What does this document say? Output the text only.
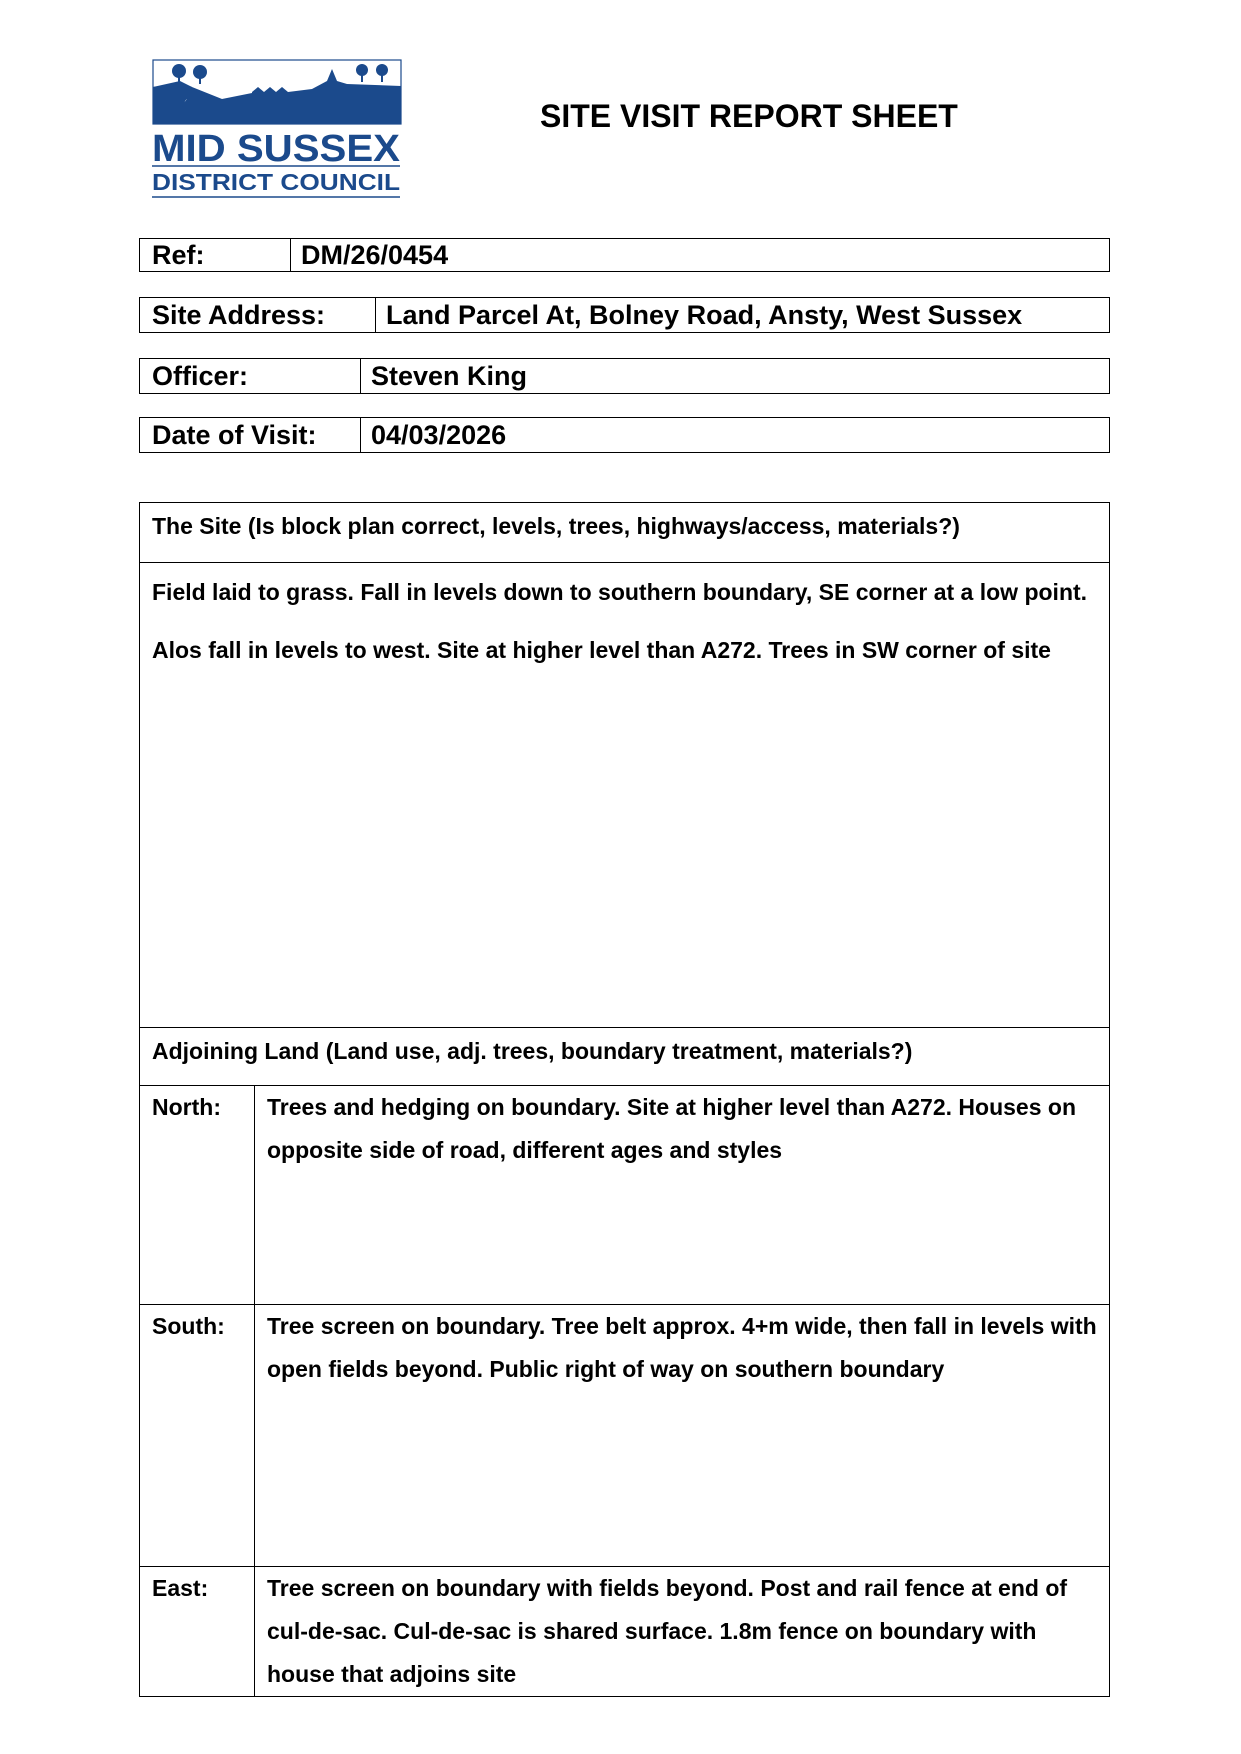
MID SUSSEX
DISTRICT COUNCIL
SITE VISIT REPORT SHEET
Ref:	DM/26/0454
Site Address:	Land Parcel At, Bolney Road, Ansty, West Sussex
Officer:	Steven King
Date of Visit:	04/03/2026
The Site (Is block plan correct, levels, trees, highways/access, materials?)
Field laid to grass. Fall in levels down to southern boundary, SE corner at a low point. Alos fall in levels to west. Site at higher level than A272. Trees in SW corner of site
Adjoining Land (Land use, adj. trees, boundary treatment, materials?)
North:	Trees and hedging on boundary. Site at higher level than A272. Houses on opposite side of road, different ages and styles
South:	Tree screen on boundary. Tree belt approx. 4+m wide, then fall in levels with open fields beyond. Public right of way on southern boundary
East:	Tree screen on boundary with fields beyond. Post and rail fence at end of cul-de-sac. Cul-de-sac is shared surface. 1.8m fence on boundary with house that adjoins site
